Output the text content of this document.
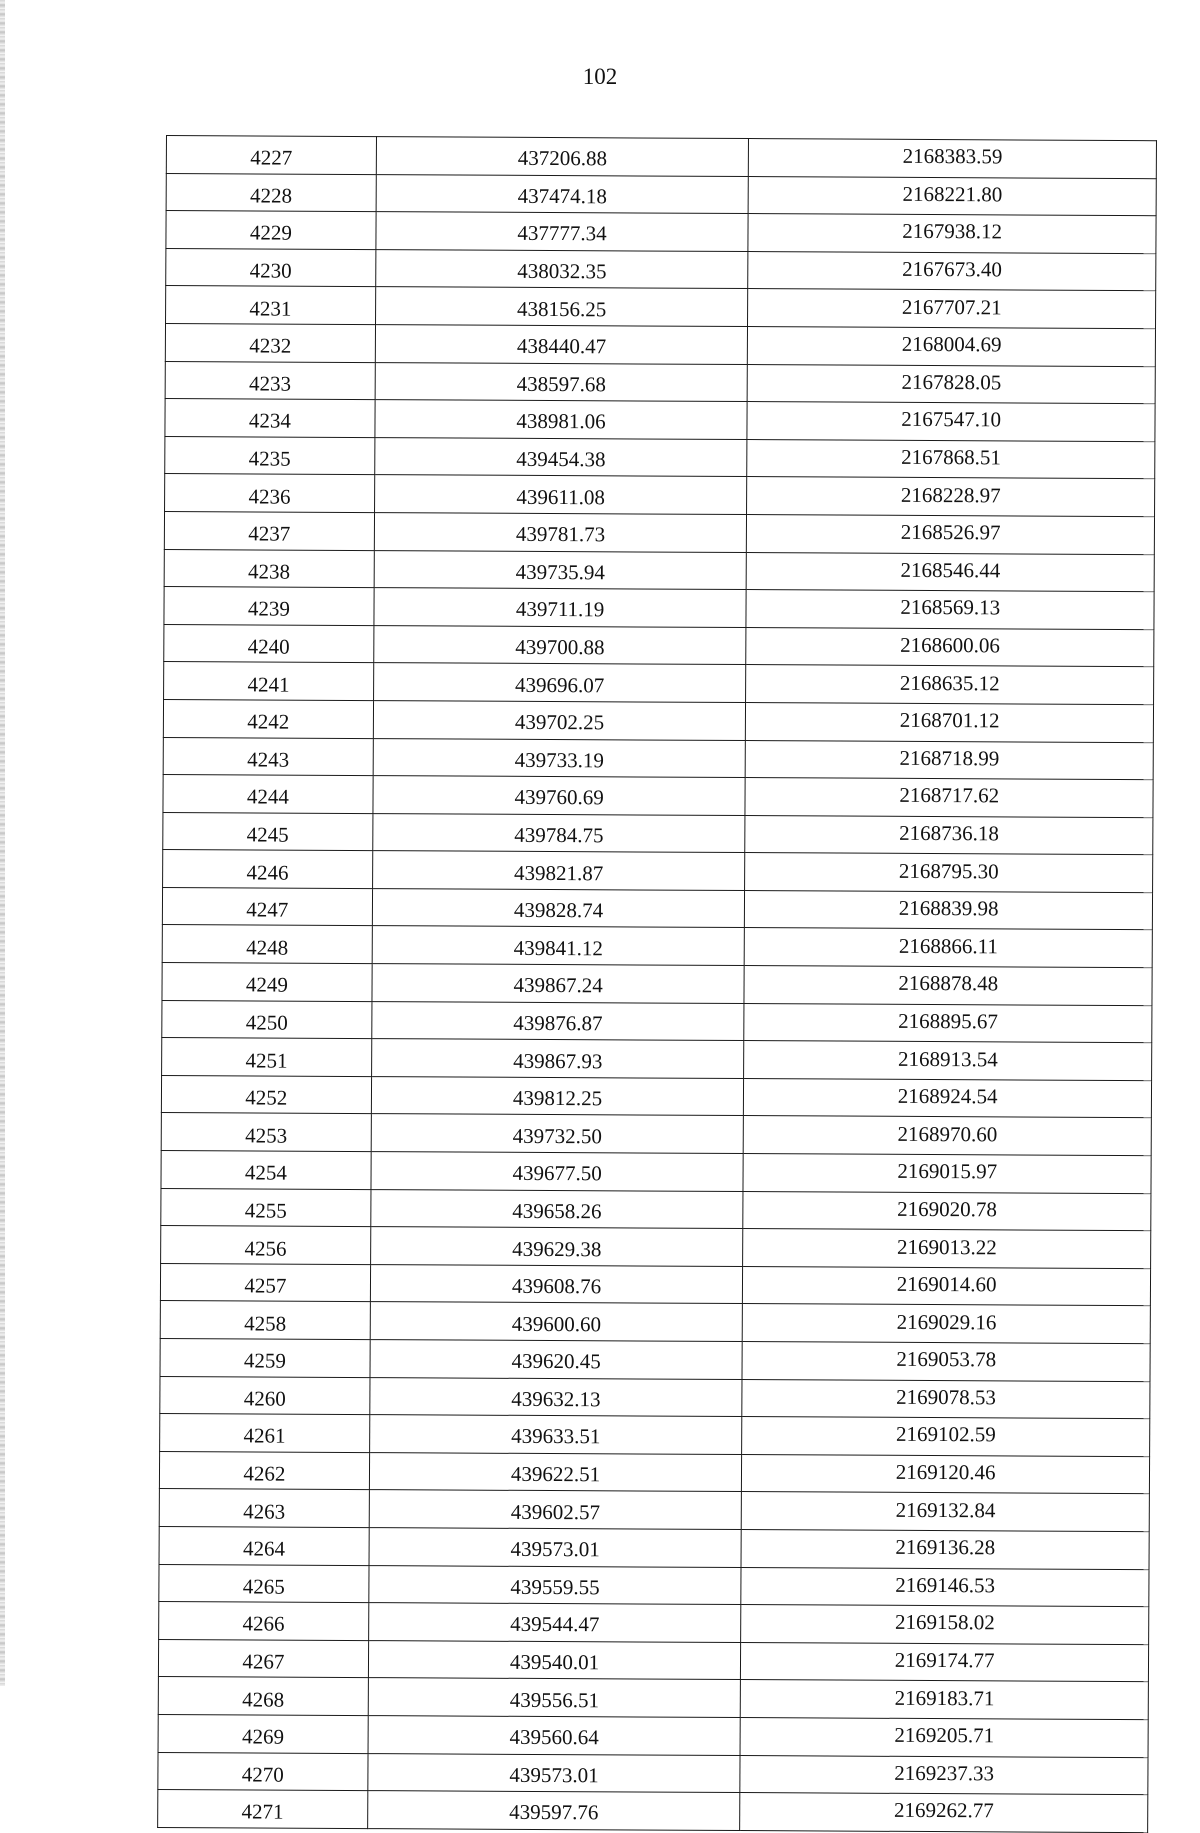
102
4227	437206.88	2168383.59
4228	437474.18	2168221.80
4229	437777.34	2167938.12
4230	438032.35	2167673.40
4231	438156.25	2167707.21
4232	438440.47	2168004.69
4233	438597.68	2167828.05
4234	438981.06	2167547.10
4235	439454.38	2167868.51
4236	439611.08	2168228.97
4237	439781.73	2168526.97
4238	439735.94	2168546.44
4239	439711.19	2168569.13
4240	439700.88	2168600.06
4241	439696.07	2168635.12
4242	439702.25	2168701.12
4243	439733.19	2168718.99
4244	439760.69	2168717.62
4245	439784.75	2168736.18
4246	439821.87	2168795.30
4247	439828.74	2168839.98
4248	439841.12	2168866.11
4249	439867.24	2168878.48
4250	439876.87	2168895.67
4251	439867.93	2168913.54
4252	439812.25	2168924.54
4253	439732.50	2168970.60
4254	439677.50	2169015.97
4255	439658.26	2169020.78
4256	439629.38	2169013.22
4257	439608.76	2169014.60
4258	439600.60	2169029.16
4259	439620.45	2169053.78
4260	439632.13	2169078.53
4261	439633.51	2169102.59
4262	439622.51	2169120.46
4263	439602.57	2169132.84
4264	439573.01	2169136.28
4265	439559.55	2169146.53
4266	439544.47	2169158.02
4267	439540.01	2169174.77
4268	439556.51	2169183.71
4269	439560.64	2169205.71
4270	439573.01	2169237.33
4271	439597.76	2169262.77
